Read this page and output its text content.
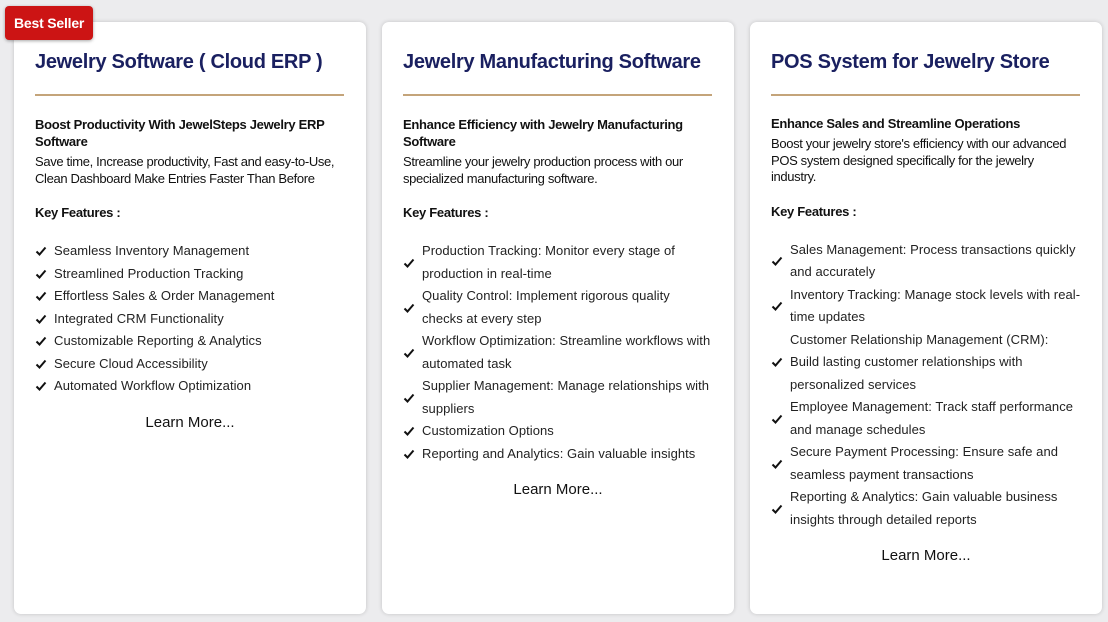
Best Seller
Jewelry Software ( Cloud ERP )
Boost Productivity With JewelSteps Jewelry ERP Software
Save time, Increase productivity, Fast and easy-to-Use, Clean Dashboard Make Entries Faster Than Before
Key Features :
Seamless Inventory Management
Streamlined Production Tracking
Effortless Sales & Order Management
Integrated CRM Functionality
Customizable Reporting & Analytics
Secure Cloud Accessibility
Automated Workflow Optimization
Learn More...
Jewelry Manufacturing Software
Enhance Efficiency with Jewelry Manufacturing Software
Streamline your jewelry production process with our specialized manufacturing software.
Key Features :
Production Tracking: Monitor every stage of production in real-time
Quality Control: Implement rigorous quality checks at every step
Workflow Optimization: Streamline workflows with automated task
Supplier Management: Manage relationships with suppliers
Customization Options
Reporting and Analytics: Gain valuable insights
Learn More...
POS System for Jewelry Store
Enhance Sales and Streamline Operations
Boost your jewelry store's efficiency with our advanced POS system designed specifically for the jewelry industry.
Key Features :
Sales Management: Process transactions quickly and accurately
Inventory Tracking: Manage stock levels with real-time updates
Customer Relationship Management (CRM): Build lasting customer relationships with personalized services
Employee Management: Track staff performance and manage schedules
Secure Payment Processing: Ensure safe and seamless payment transactions
Reporting & Analytics: Gain valuable business insights through detailed reports
Learn More...
